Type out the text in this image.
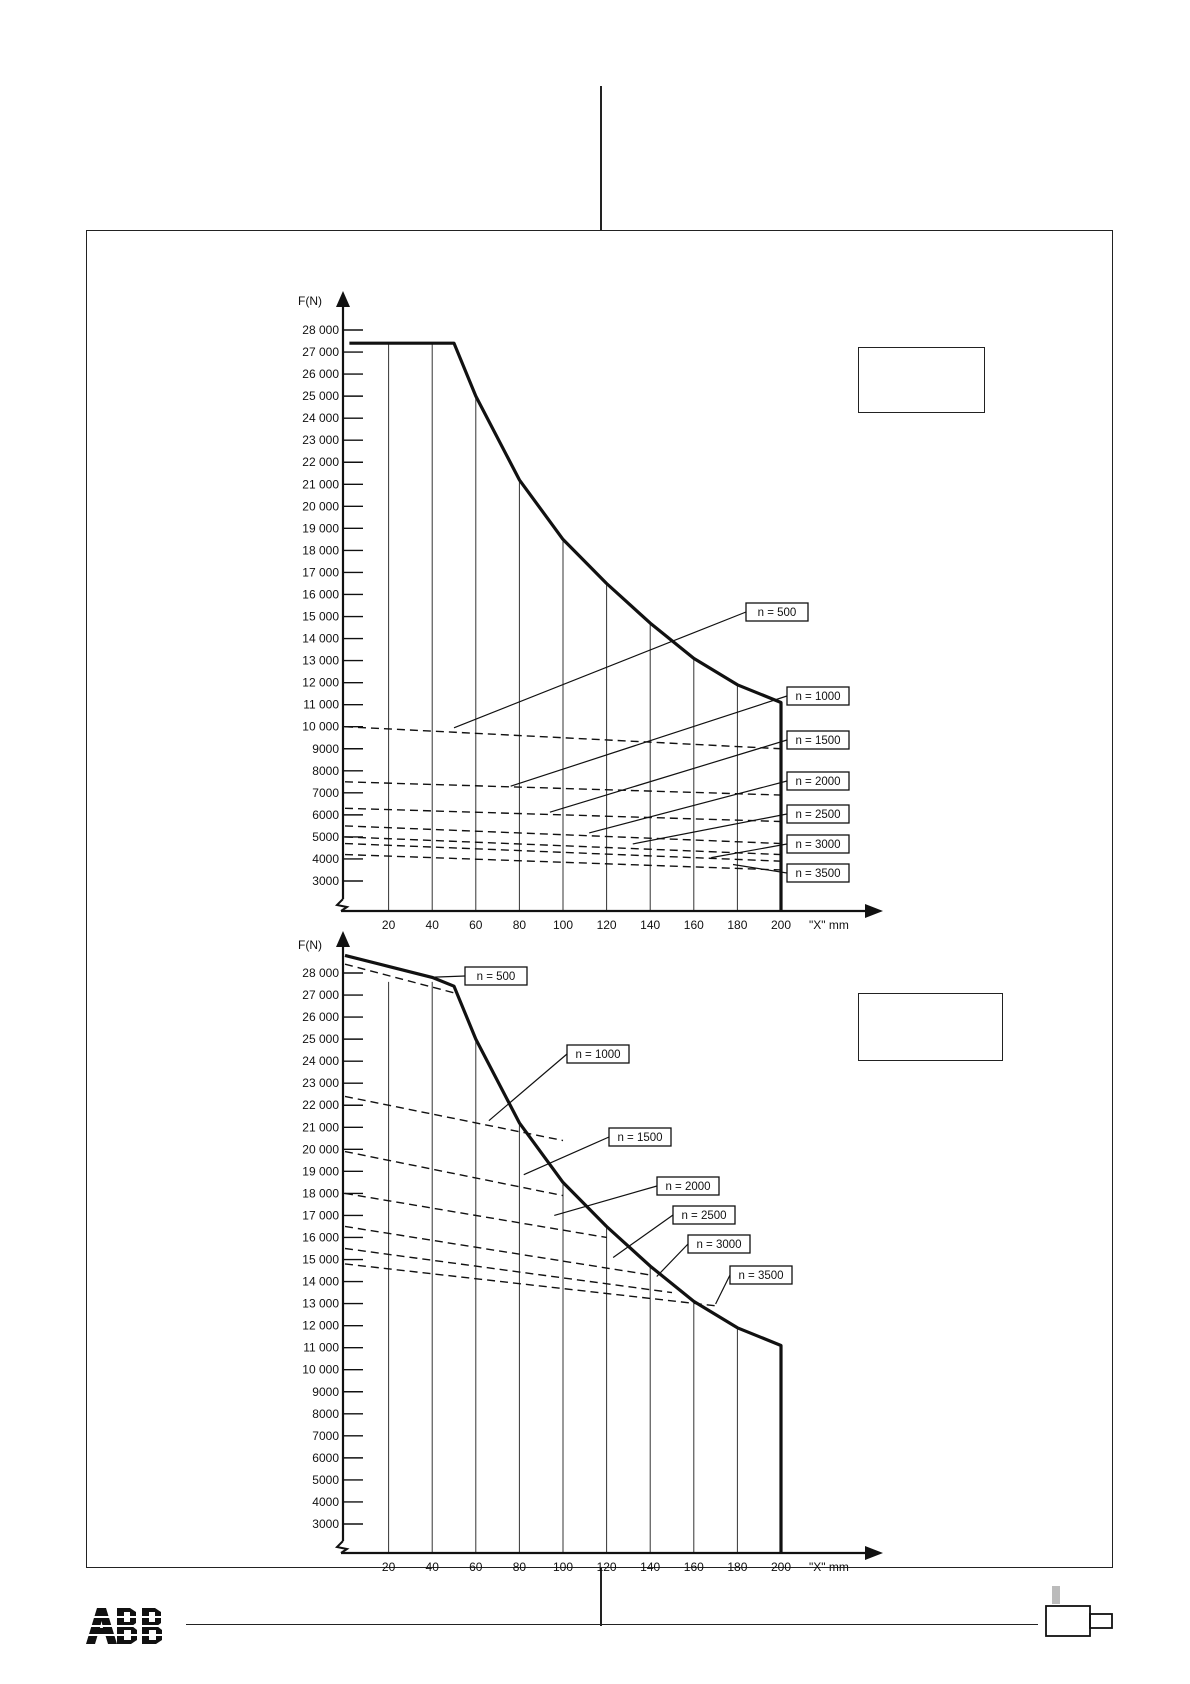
F(N)
3000
4000
5000
6000
7000
8000
9000
10 000
11 000
12 000
13 000
14 000
15 000
16 000
17 000
18 000
19 000
20 000
21 000
22 000
23 000
24 000
25 000
26 000
27 000
28 000
20	40	60	80 100 120 140 160 180 200 "X" mm
n = 500
n = 1000
n = 1500
n = 2000
n = 2500
n = 3000
n = 3500
F(N)
3000
4000
5000
6000
7000
8000
9000
10 000
11 000
12 000
13 000
14 000
15 000
16 000
17 000
18 000
19 000
20 000
21 000
22 000
23 000
24 000
25 000
26 000
27 000
28 000
20	40	60	80 100 120 140 160 180 200 "X" mm
n = 500
n = 1000
n = 1500
n = 2000
n = 2500
n = 3000
n = 3500
